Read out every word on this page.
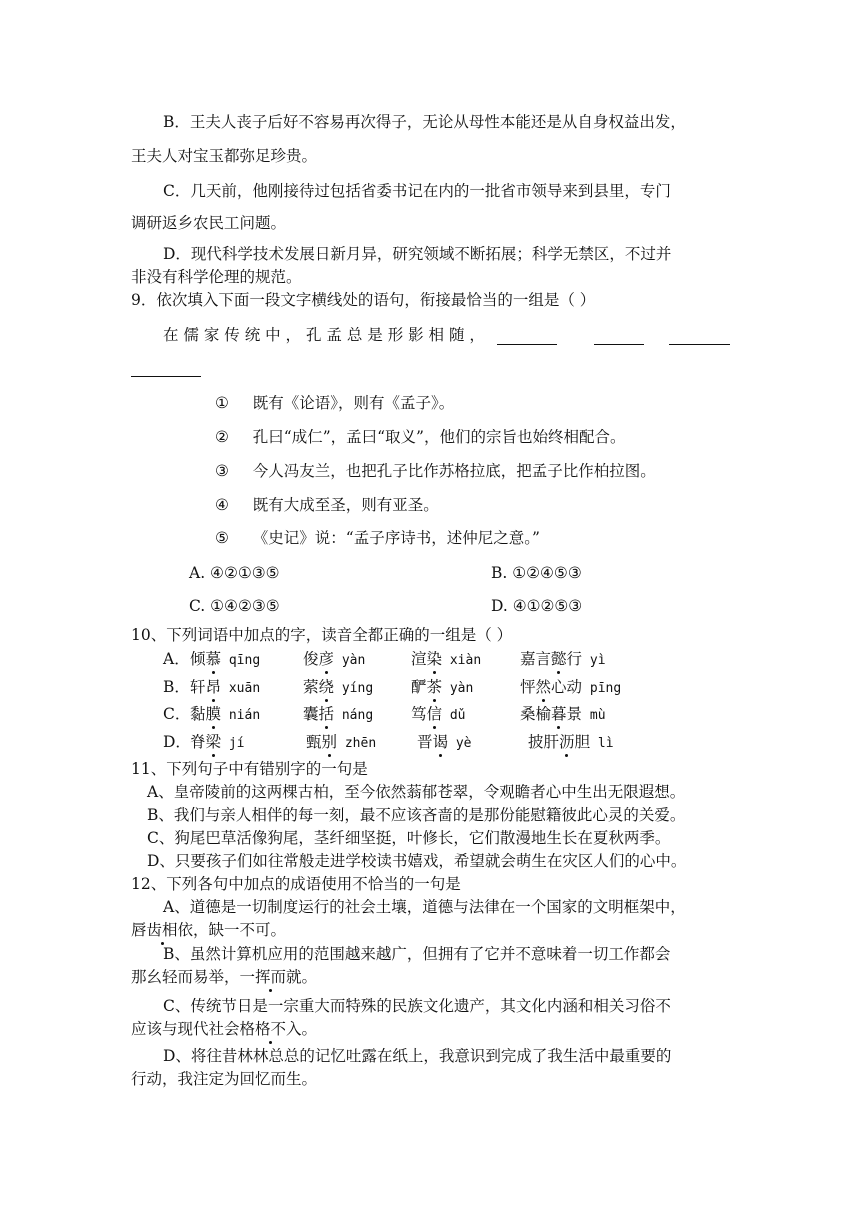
B．王夫人丧子后好不容易再次得子，无论从母性本能还是从自身权益出发，
王夫人对宝玉都弥足珍贵。
C．几天前，他刚接待过包括省委书记在内的一批省市领导来到县里，专门
调研返乡农民工问题。
D．现代科学技术发展日新月异，研究领域不断拓展；科学无禁区，不过并
非没有科学伦理的规范。
9．依次填入下面一段文字横线处的语句，衔接最恰当的一组是（ ）
在 儒 家 传 统 中 ， 孔 孟 总 是 形 影 相 随 ，
① 既有《论语》，则有《孟子》。
② 孔曰“成仁”，孟曰“取义”，他们的宗旨也始终相配合。
③ 今人冯友兰，也把孔子比作苏格拉底，把孟子比作柏拉图。
④ 既有大成至圣，则有亚圣。
⑤ 《史记》说：“孟子序诗书，述仲尼之意。”
A. ④②①③⑤	B. ①②④⑤③
C. ①④②③⑤	D. ④①②⑤③
10、下列词语中加点的字，读音全都正确的一组是（ ）
A． 倾慕 qīng	俊彦 yàn	渲染 xiàn	嘉言懿行 yì
B． 轩昂 xuān	萦绕 yíng 酽茶 yàn	怦然心动 pīng
C． 黏膜 nián	囊括 náng 笃信 dǔ	桑榆暮景 mù
D． 脊梁 jí	甄别 zhēn	晋谒 yè	披肝沥胆 lì
11、下列句子中有错别字的一句是
A、皇帝陵前的这两棵古柏，至今依然蓊郁苍翠，令观瞻者心中生出无限遐想。
B、我们与亲人相伴的每一刻，最不应该吝啬的是那份能慰籍彼此心灵的关爱。
C、狗尾巴草活像狗尾，茎纤细坚挺，叶修长，它们散漫地生长在夏秋两季。
D、只要孩子们如往常般走进学校读书嬉戏，希望就会萌生在灾区人们的心中。
12、下列各句中加点的成语使用不恰当的一句是
A、道德是一切制度运行的社会土壤，道德与法律在一个国家的文明框架中，
唇齿相依，缺一不可。
B、虽然计算机应用的范围越来越广，但拥有了它并不意味着一切工作都会
那幺轻而易举，一挥而就。
C、传统节日是一宗重大而特殊的民族文化遗产，其文化内涵和相关习俗不
应该与现代社会格格不入。
D、将往昔林林总总的记忆吐露在纸上，我意识到完成了我生活中最重要的
行动，我注定为回忆而生。
